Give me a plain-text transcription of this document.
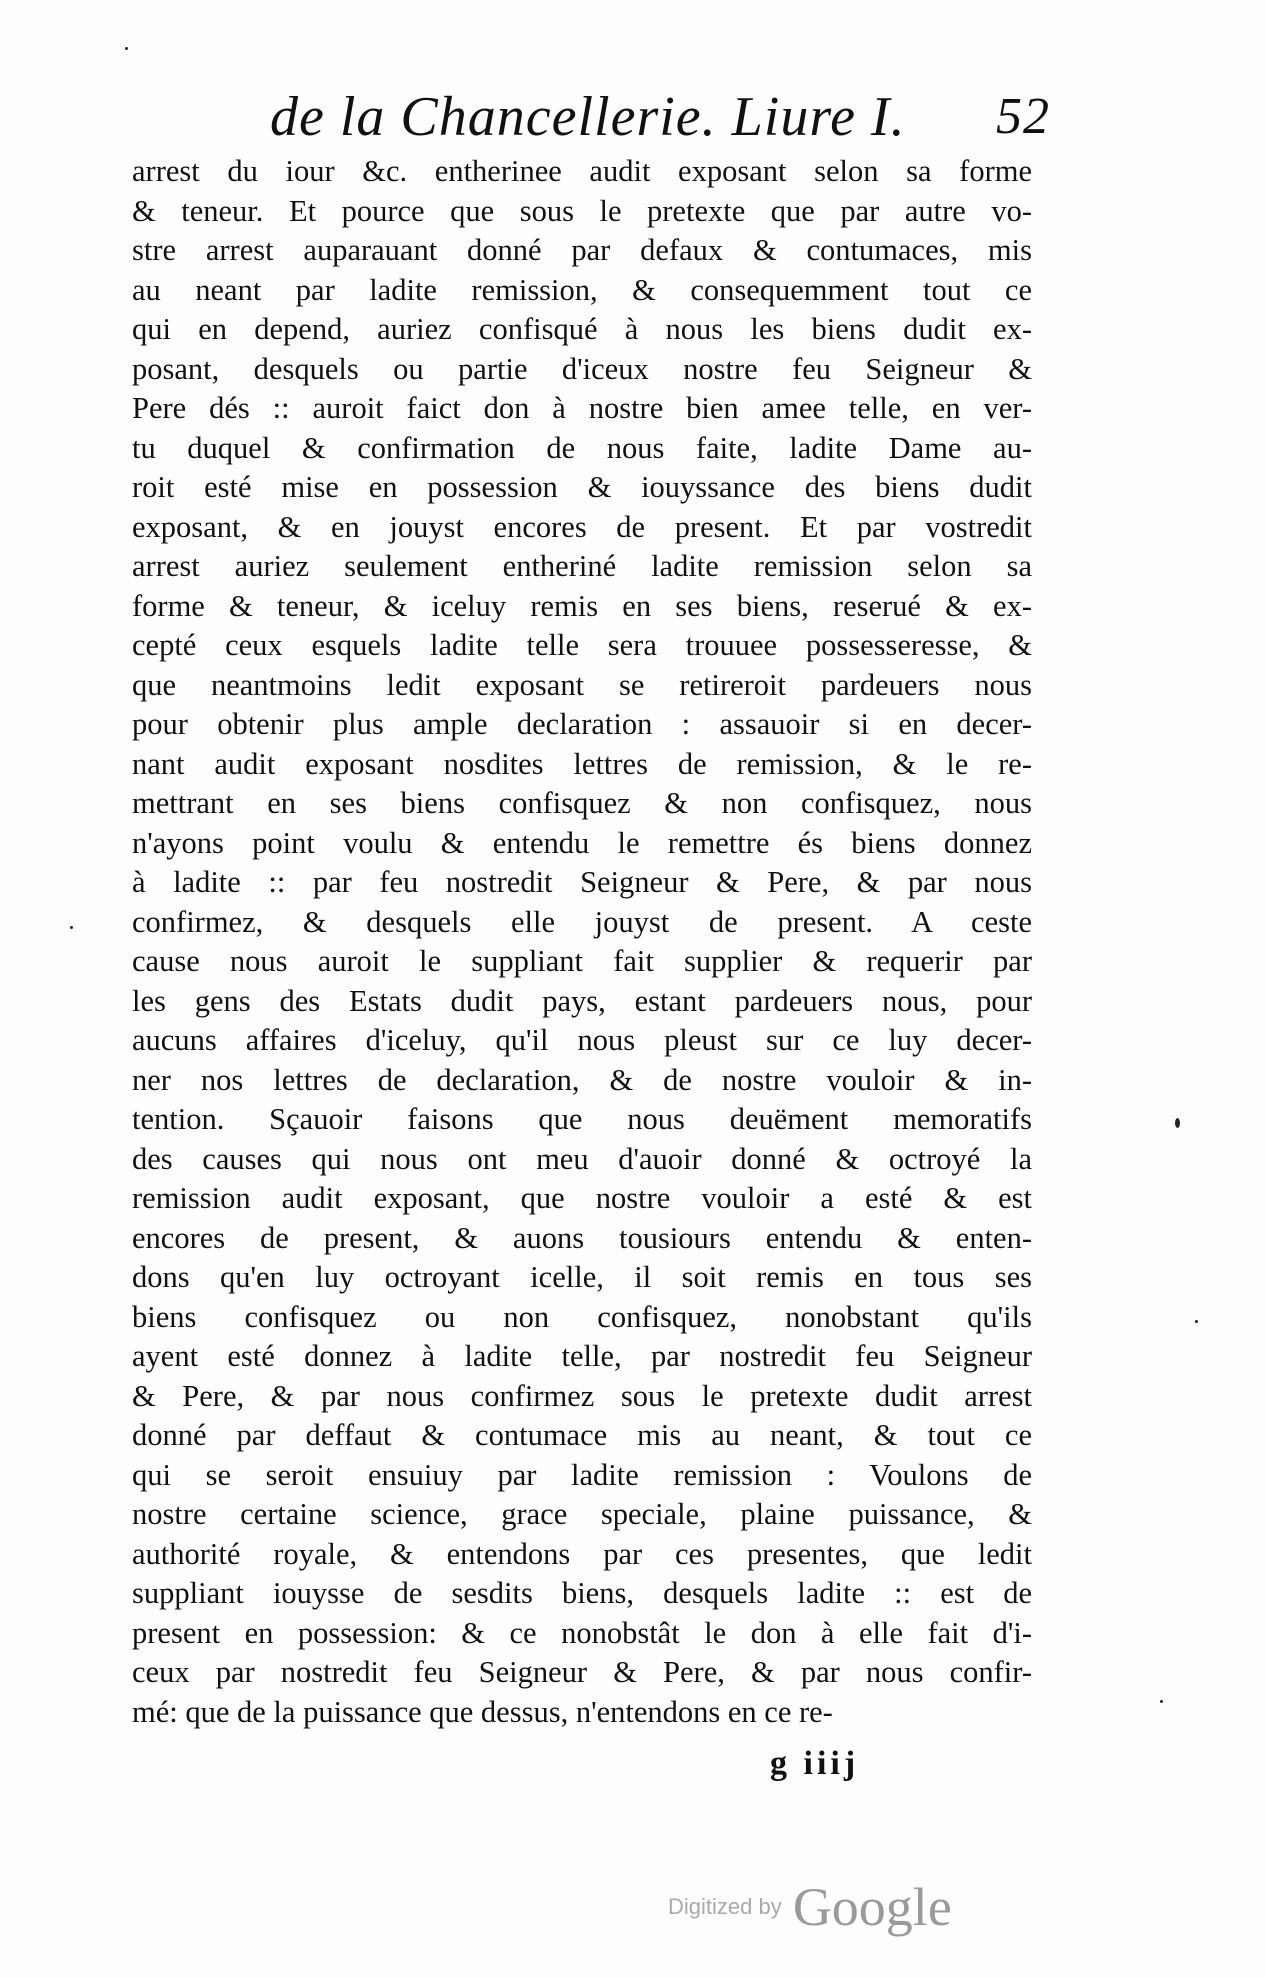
de la Chancellerie. Liure I. 52
arrest du iour &c. entherinee audit exposant selon sa forme
& teneur. Et pource que sous le pretexte que par autre vo-
stre arrest auparauant donné par defaux & contumaces, mis
au neant par ladite remission, & consequemment tout ce
qui en depend, auriez confisqué à nous les biens dudit ex-
posant, desquels ou partie d'iceux nostre feu Seigneur &
Pere dés :: auroit faict don à nostre bien amee telle, en ver-
tu duquel & confirmation de nous faite, ladite Dame au-
roit esté mise en possession & iouyssance des biens dudit
exposant, & en jouyst encores de present. Et par vostredit
arrest auriez seulement entheriné ladite remission selon sa
forme & teneur, & iceluy remis en ses biens, reserué & ex-
cepté ceux esquels ladite telle sera trouuee possesseresse, &
que neantmoins ledit exposant se retireroit pardeuers nous
pour obtenir plus ample declaration : assauoir si en decer-
nant audit exposant nosdites lettres de remission, & le re-
mettrant en ses biens confisquez & non confisquez, nous
n'ayons point voulu & entendu le remettre és biens donnez
à ladite :: par feu nostredit Seigneur & Pere, & par nous
confirmez, & desquels elle jouyst de present. A ceste
cause nous auroit le suppliant fait supplier & requerir par
les gens des Estats dudit pays, estant pardeuers nous, pour
aucuns affaires d'iceluy, qu'il nous pleust sur ce luy decer-
ner nos lettres de declaration, & de nostre vouloir & in-
tention. Sçauoir faisons que nous deuëment memoratifs
des causes qui nous ont meu d'auoir donné & octroyé la
remission audit exposant, que nostre vouloir a esté & est
encores de present, & auons tousiours entendu & enten-
dons qu'en luy octroyant icelle, il soit remis en tous ses
biens confisquez ou non confisquez, nonobstant qu'ils
ayent esté donnez à ladite telle, par nostredit feu Seigneur
& Pere, & par nous confirmez sous le pretexte dudit arrest
donné par deffaut & contumace mis au neant, & tout ce
qui se seroit ensuiuy par ladite remission : Voulons de
nostre certaine science, grace speciale, plaine puissance, &
authorité royale, & entendons par ces presentes, que ledit
suppliant iouysse de sesdits biens, desquels ladite :: est de
present en possession: & ce nonobstât le don à elle fait d'i-
ceux par nostredit feu Seigneur & Pere, & par nous confir-
mé: que de la puissance que dessus, n'entendons en ce re-
g iiij
Digitized by Google
